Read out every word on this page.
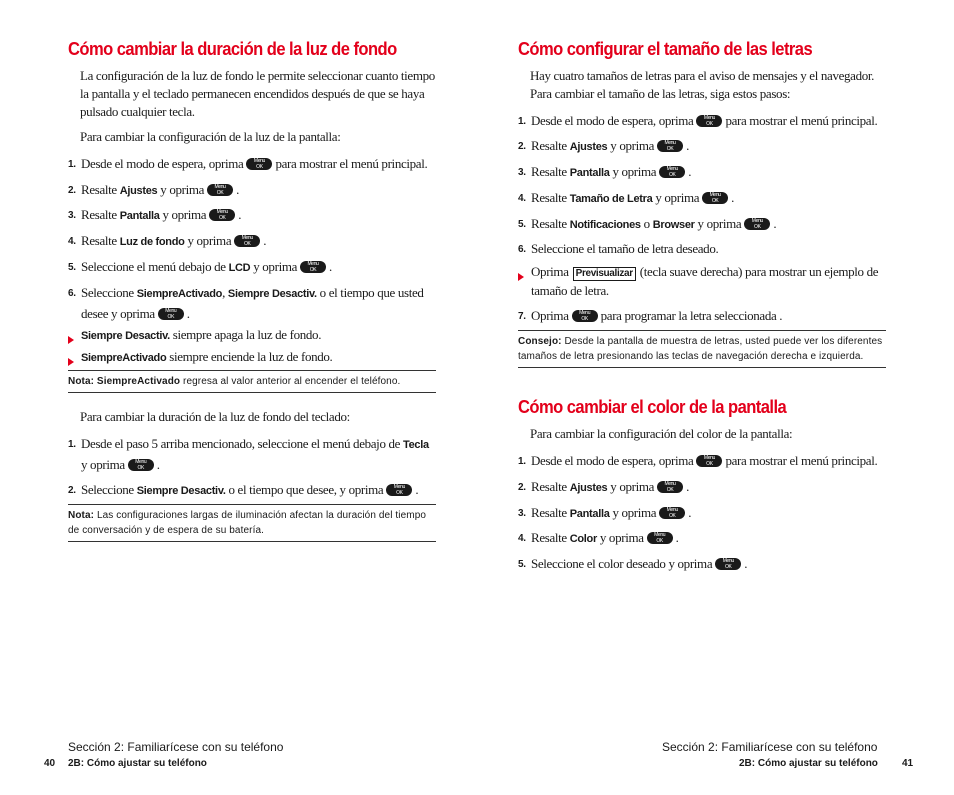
Cómo cambiar la duración de la luz de fondo

La configuración de la luz de fondo le permite seleccionar cuanto tiempo la pantalla y el teclado permanecen encendidos después de que se haya pulsado cualquier tecla.

Para cambiar la configuración de la luz de la pantalla:

1. Desde el modo de espera, oprima	Menu
OK para mostrar el menú principal.
2. Resalte Ajustes y oprima	Menu
OK .
3. Resalte Pantalla y oprima	Menu
OK .
4. Resalte Luz de fondo y oprima	Menu
OK .
5. Seleccione el menú debajo de LCD y oprima	Menu
OK .
6. Seleccione SiempreActivado, Siempre Desactiv. o el tiempo que usted desee y oprima	Menu
OK .
Siempre Desactiv. siempre apaga la luz de fondo.
SiempreActivado siempre enciende la luz de fondo.
Nota: SiempreActivado regresa al valor anterior al encender el teléfono.

Para cambiar la duración de la luz de fondo del teclado:

1. Desde el paso 5 arriba mencionado, seleccione el menú debajo de Tecla y oprima	Menu
OK .
2. Seleccione Siempre Desactiv. o el tiempo que desee, y oprima	Menu
OK .
Nota: Las configuraciones largas de iluminación afectan la duración del tiempo de conversación y de espera de su batería.
Cómo configurar el tamaño de las letras

Hay cuatro tamaños de letras para el aviso de mensajes y el navegador. Para cambiar el tamaño de las letras, siga estos pasos:

1. Desde el modo de espera, oprima	Menu
OK para mostrar el menú principal.
2. Resalte Ajustes y oprima	Menu
OK .
3. Resalte Pantalla y oprima	Menu
OK .
4. Resalte Tamaño de Letra y oprima	Menu
OK .
5. Resalte Notificaciones o Browser y oprima	Menu
OK .
6. Seleccione el tamaño de letra deseado.
Oprima Previsualizar (tecla suave derecha) para mostrar un ejemplo de tamaño de letra.
7. Oprima	Menu
OK para programar la letra seleccionada .
Consejo: Desde la pantalla de muestra de letras, usted puede ver los diferentes tamaños de letra presionando las teclas de navegación derecha e izquierda.
Cómo cambiar el color de la pantalla

Para cambiar la configuración del color de la pantalla:

1. Desde el modo de espera, oprima	Menu
OK para mostrar el menú principal.
2. Resalte Ajustes y oprima	Menu
OK .
3. Resalte Pantalla y oprima	Menu
OK .
4. Resalte Color y oprima	Menu
OK .
5. Seleccione el color deseado y oprima	Menu
OK .
Sección 2: Familiarícese con su teléfono
40 2B: Cómo ajustar su teléfono
Sección 2: Familiarícese con su teléfono
2B: Cómo ajustar su teléfono 41
